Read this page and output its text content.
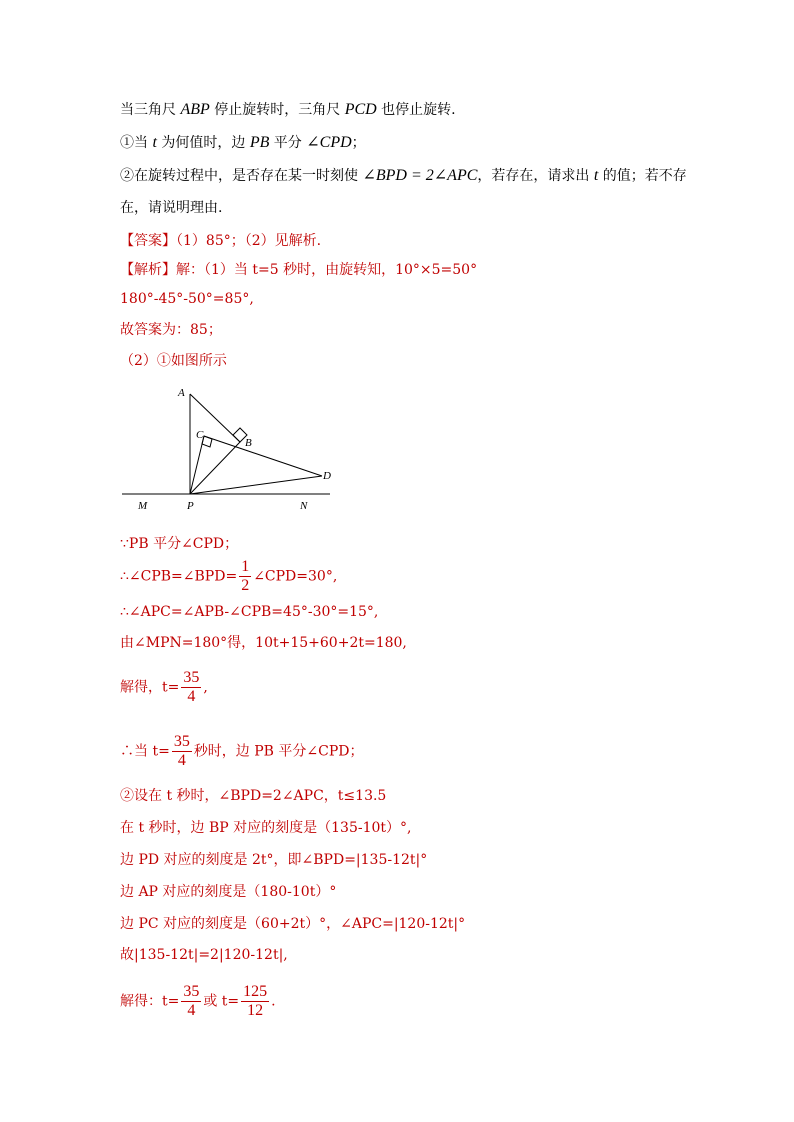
当三角尺 ABP 停止旋转时，三角尺 PCD 也停止旋转.
①当 t 为何值时，边 PB 平分 ∠CPD；
②在旋转过程中，是否存在某一时刻使 ∠BPD = 2∠APC，若存在，请求出 t 的值；若不存
在，请说明理由.
【答案】（1）85°；（2）见解析.
【解析】解：（1）当 t=5 秒时，由旋转知，10°×5=50°
180°-45°-50°=85°,
故答案为：85；
（2）①如图所示
A
B
C
D
M	P	N
∵PB 平分∠CPD；
∴∠CPB=∠BPD= $\frac{1}{2}$ ∠CPD=30°,
∴∠APC=∠APB-∠CPB=45°-30°=15°,
由∠MPN=180°得，10t+15+60+2t=180,
解得，$t= \frac{35}{4}$ ,
∴当 $t= \frac{35}{4}$ 秒时，边 PB 平分∠CPD；
②设在 t 秒时，∠BPD=2∠APC，t≤13.5
在 t 秒时，边 BP 对应的刻度是（135-10t）°,
边 PD 对应的刻度是 2t°，即∠BPD=|135-12t|°
边 AP 对应的刻度是（180-10t）°
边 PC 对应的刻度是（60+2t）°，∠APC=|120-12t|°
故|135-12t|=2|120-12t|,
解得：$t= \frac{35}{4}$ 或 $t= \frac{125}{12}$ .
